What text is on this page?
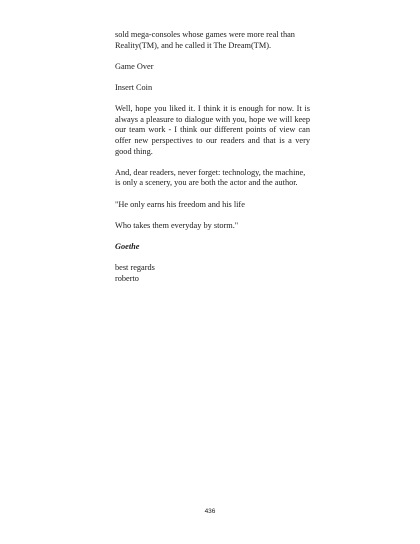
sold mega-consoles whose games were more real than Reality(TM), and he called it The Dream(TM).

Game Over

Insert Coin

Well, hope you liked it. I think it is enough for now. It is always a pleasure to dialogue with you, hope we will keep our team work - I think our different points of view can offer new perspectives to our readers and that is a very good thing.

And, dear readers, never forget: technology, the machine, is only a scenery, you are both the actor and the author.

"He only earns his freedom and his life

Who takes them everyday by storm."

Goethe

best regards

roberto

436
